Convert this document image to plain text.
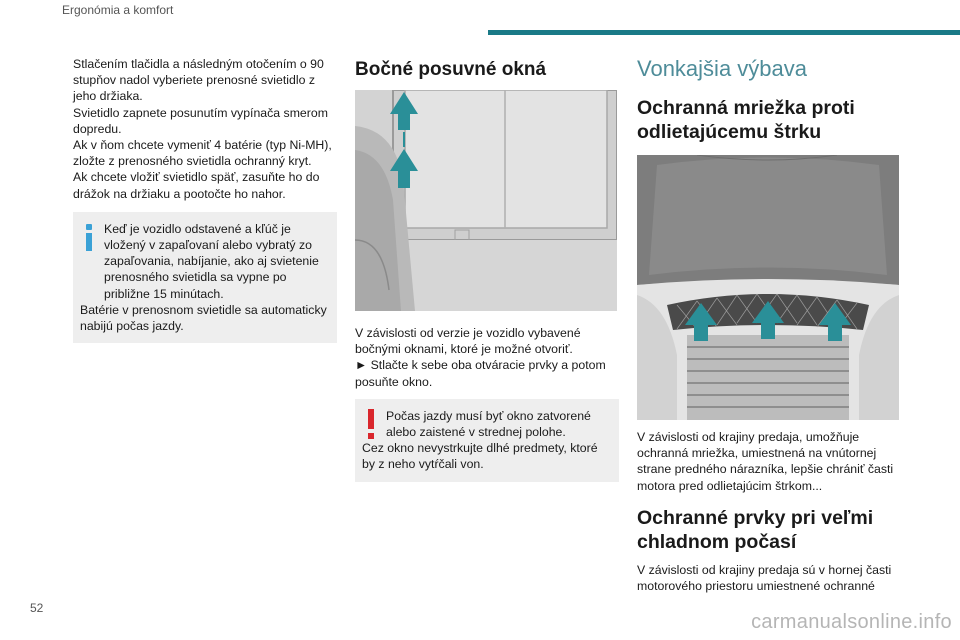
Ergonómia a komfort

Stlačením tlačidla a následným otočením o 90 stupňov nadol vyberiete prenosné svietidlo z jeho držiaka.

Svietidlo zapnete posunutím vypínača smerom dopredu.

Ak v ňom chcete vymeniť 4 batérie (typ Ni-MH), zložte z prenosného svietidla ochranný kryt.

Ak chcete vložiť svietidlo späť, zasuňte ho do drážok na držiaku a pootočte ho nahor.

Keď je vozidlo odstavené a kľúč je vložený v zapaľovaní alebo vybratý zo zapaľovania, nabíjanie, ako aj svietenie prenosného svietidla sa vypne po približne 15 minútach.
Batérie v prenosnom svietidle sa automaticky nabijú počas jazdy.
Bočné posuvné okná

V závislosti od verzie je vozidlo vybavené bočnými oknami, ktoré je možné otvoriť.

► Stlačte k sebe oba otváracie prvky a potom posuňte okno.

Počas jazdy musí byť okno zatvorené alebo zaistené v strednej polohe.
Cez okno nevystrkujte dlhé predmety, ktoré by z neho vytŕčali von.
Vonkajšia výbava
Ochranná mriežka proti odlietajúcemu štrku
V závislosti od krajiny predaja, umožňuje ochranná mriežka, umiestnená na vnútornej strane predného nárazníka, lepšie chrániť časti motora pred odlietajúcim štrkom...
Ochranné prvky pri veľmi chladnom počasí
V závislosti od krajiny predaja sú v hornej časti motorového priestoru umiestnené ochranné
52
carmanualsonline.info
